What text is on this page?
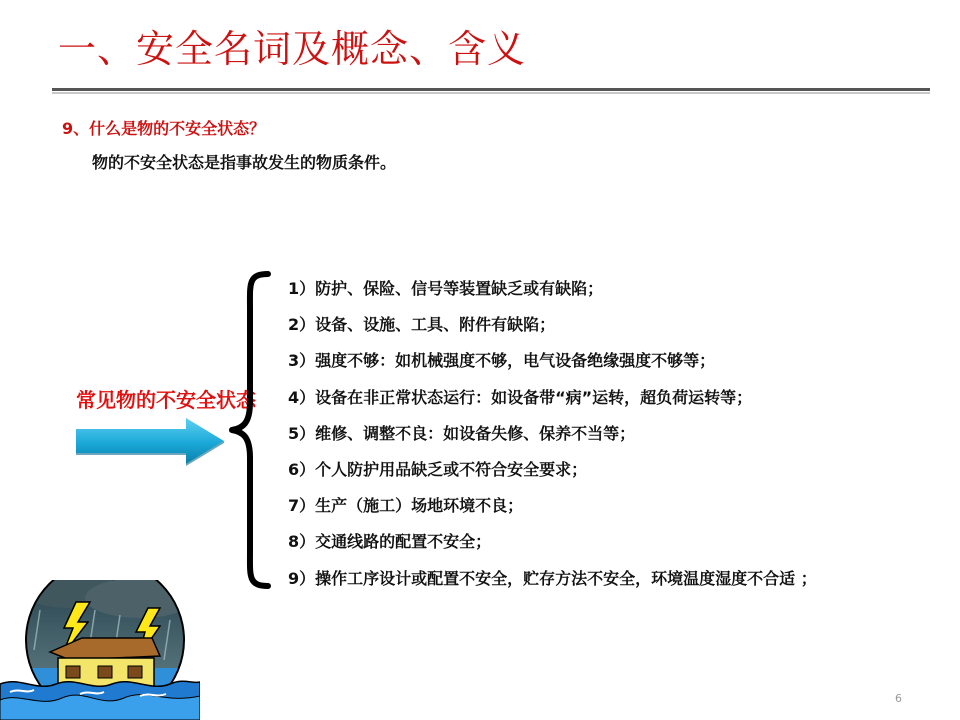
一、安全名词及概念、含义
9、什么是物的不安全状态？
物的不安全状态是指事故发生的物质条件。
常见物的不安全状态
1）防护、保险、信号等装置缺乏或有缺陷；
2）设备、设施、工具、附件有缺陷；
3）强度不够：如机械强度不够，电气设备绝缘强度不够等；
4）设备在非正常状态运行：如设备带“病”运转，超负荷运转等；
5）维修、调整不良：如设备失修、保养不当等；
6）个人防护用品缺乏或不符合安全要求；
7）生产（施工）场地环境不良；
8）交通线路的配置不安全；
9）操作工序设计或配置不安全，贮存方法不安全，环境温度湿度不合适 ；
6
